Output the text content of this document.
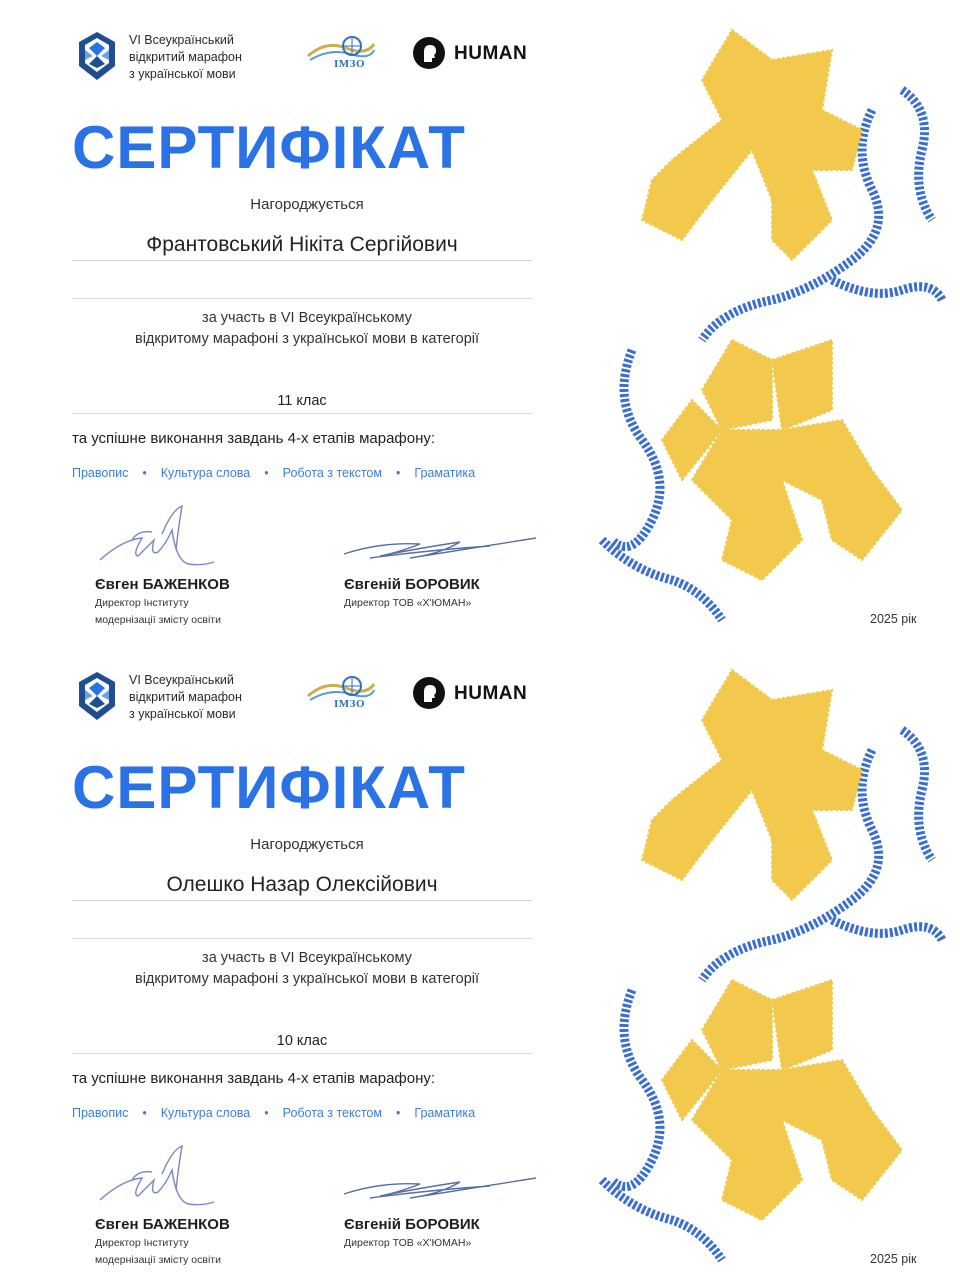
VI Всеукраїнський
відкритий марафон
з української мови
ІМЗО	HUMAN
СЕРТИФІКАТ
Нагороджується
Франтовський Нікіта Сергійович
за участь в VI Всеукраїнському
відкритому марафоні з української мови в категорії
11 клас
та успішне виконання завдань 4-х етапів марафону:
Правопис • Культура слова • Робота з текстом • Граматика
Євген БАЖЕНКОВ
Директор Інституту
модернізації змісту освіти
Євгеній БОРОВИК
Директор ТОВ «Х'ЮМАН»
2025 рік
VI Всеукраїнський
відкритий марафон
з української мови
ІМЗО	HUMAN
СЕРТИФІКАТ
Нагороджується
Олешко Назар Олексійович
за участь в VI Всеукраїнському
відкритому марафоні з української мови в категорії
10 клас
та успішне виконання завдань 4-х етапів марафону:
Правопис • Культура слова • Робота з текстом • Граматика
Євген БАЖЕНКОВ
Директор Інституту
модернізації змісту освіти
Євгеній БОРОВИК
Директор ТОВ «Х'ЮМАН»
2025 рік
